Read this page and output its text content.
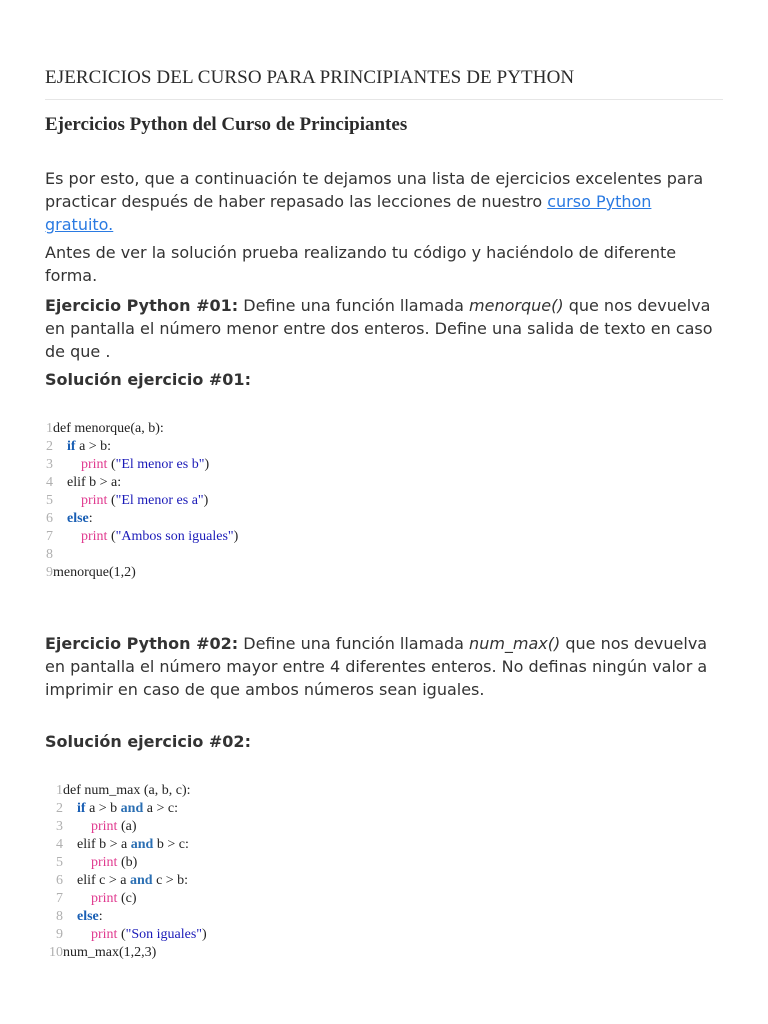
EJERCICIOS DEL CURSO PARA PRINCIPIANTES DE PYTHON
Ejercicios Python del Curso de Principiantes
Es por esto, que a continuación te dejamos una lista de ejercicios excelentes para practicar después de haber repasado las lecciones de nuestro curso Python gratuito.
Antes de ver la solución prueba realizando tu código y haciéndolo de diferente forma.
Ejercicio Python #01: Define una función llamada menorque() que nos devuelva en pantalla el número menor entre dos enteros. Define una salida de texto en caso de que .
Solución ejercicio #01:
1def menorque(a, b):
2 if a > b:
3 print ("El menor es b")
4 elif b > a:
5 print ("El menor es a")
6 else:
7 print ("Ambos son iguales")
8
9menorque(1,2)
Ejercicio Python #02: Define una función llamada num_max() que nos devuelva en pantalla el número mayor entre 4 diferentes enteros. No definas ningún valor a imprimir en caso de que ambos números sean iguales.
Solución ejercicio #02:
1def num_max (a, b, c):
2 if a > b and a > c:
3 print (a)
4 elif b > a and b > c:
5 print (b)
6 elif c > a and c > b:
7 print (c)
8 else:
9 print ("Son iguales")
10num_max(1,2,3)
